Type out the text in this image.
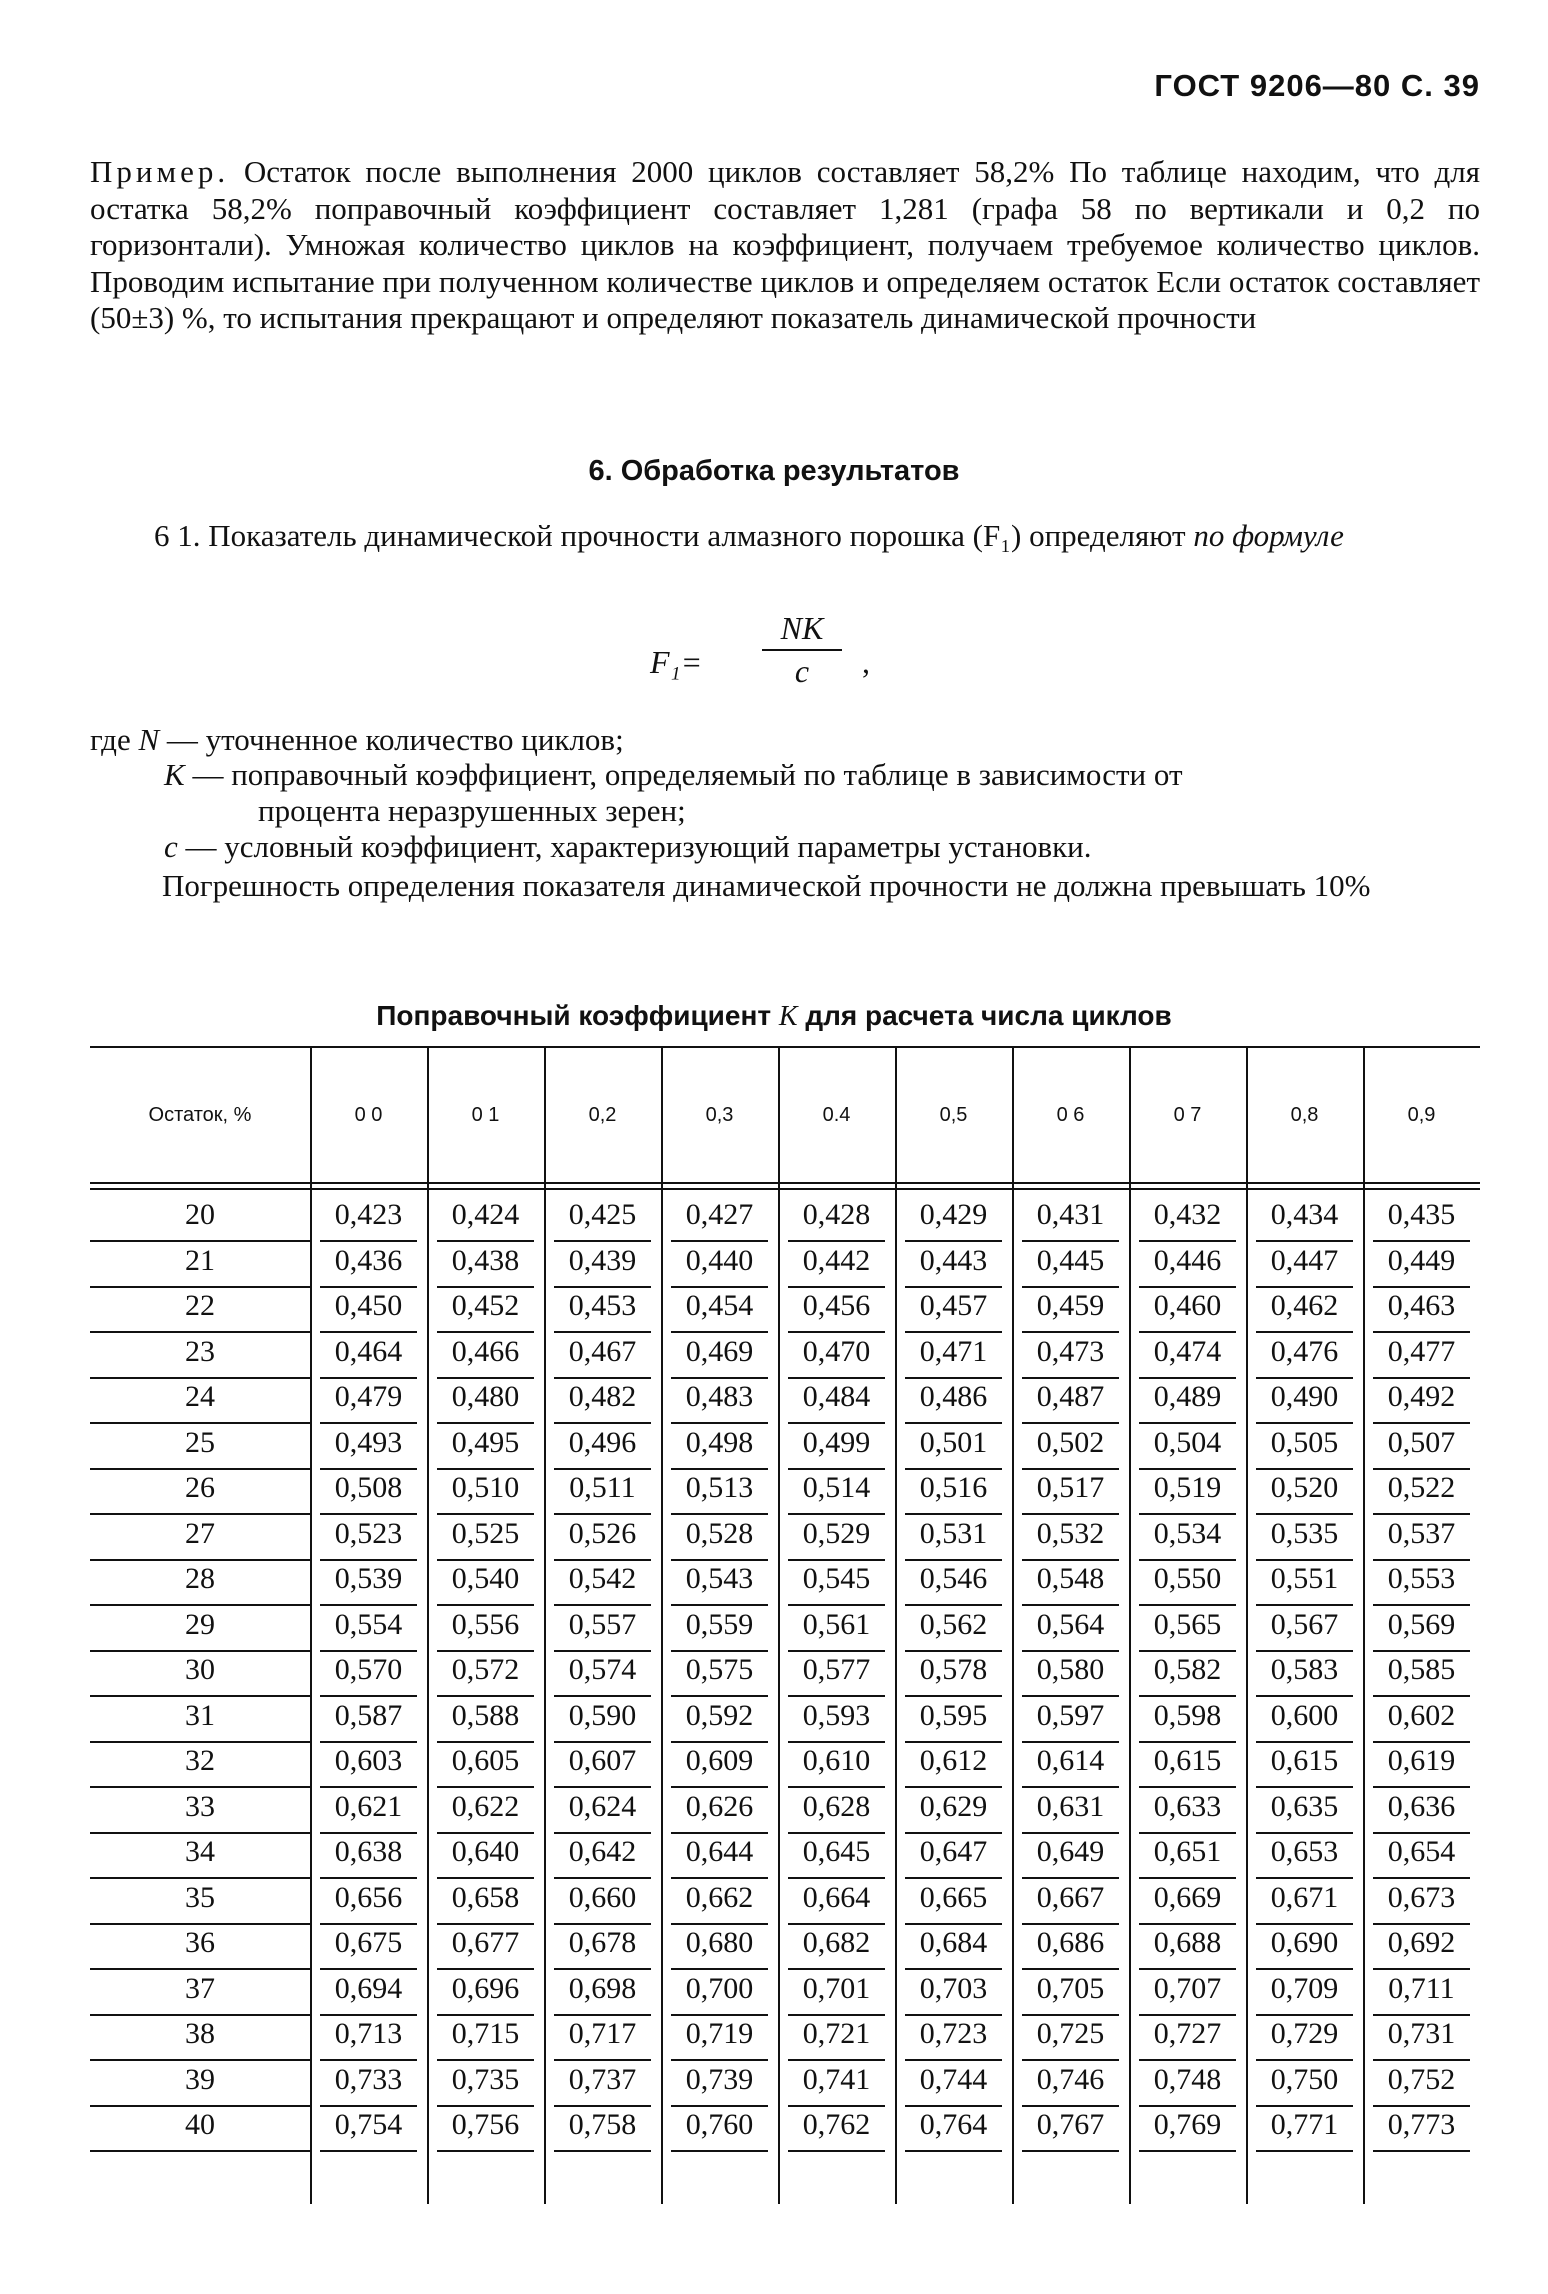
ГОСТ 9206—80 С. 39
Пример. Остаток после выполнения 2000 циклов составляет 58,2% По таблице находим, что для остатка 58,2% поправочный коэффициент составляет 1,281 (графа 58 по вертикали и 0,2 по горизонтали). Умножая количество циклов на коэффициент, получаем требуемое количество циклов. Проводим испытание при полученном количестве циклов и определяем остаток Если остаток составляет (50±3) %, то испытания прекращают и определяют показатель динамической прочности
6. Обработка результатов
6 1. Показатель динамической прочности алмазного порошка (F₁) определяют по формуле
$F_1= \frac{NK}{c}$ ,
где N — уточненное количество циклов;
K — поправочный коэффициент, определяемый по таблице в зависимости от
процента неразрушенных зерен;
c — условный коэффициент, характеризующий параметры установки.
Погрешность определения показателя динамической прочности не должна превышать 10%
Поправочный коэффициент K для расчета числа циклов
Остаток, %	0 0	0 1	0,2	0,3	0.4	0,5	0 6	0 7	0,8	0,9
20	0,423	0,424	0,425	0,427	0,428	0,429	0,431	0,432	0,434	0,435
21	0,436	0,438	0,439	0,440	0,442	0,443	0,445	0,446	0,447	0,449
22	0,450	0,452	0,453	0,454	0,456	0,457	0,459	0,460	0,462	0,463
23	0,464	0,466	0,467	0,469	0,470	0,471	0,473	0,474	0,476	0,477
24	0,479	0,480	0,482	0,483	0,484	0,486	0,487	0,489	0,490	0,492
25	0,493	0,495	0,496	0,498	0,499	0,501	0,502	0,504	0,505	0,507
26	0,508	0,510	0,511	0,513	0,514	0,516	0,517	0,519	0,520	0,522
27	0,523	0,525	0,526	0,528	0,529	0,531	0,532	0,534	0,535	0,537
28	0,539	0,540	0,542	0,543	0,545	0,546	0,548	0,550	0,551	0,553
29	0,554	0,556	0,557	0,559	0,561	0,562	0,564	0,565	0,567	0,569
30	0,570	0,572	0,574	0,575	0,577	0,578	0,580	0,582	0,583	0,585
31	0,587	0,588	0,590	0,592	0,593	0,595	0,597	0,598	0,600	0,602
32	0,603	0,605	0,607	0,609	0,610	0,612	0,614	0,615	0,615	0,619
33	0,621	0,622	0,624	0,626	0,628	0,629	0,631	0,633	0,635	0,636
34	0,638	0,640	0,642	0,644	0,645	0,647	0,649	0,651	0,653	0,654
35	0,656	0,658	0,660	0,662	0,664	0,665	0,667	0,669	0,671	0,673
36	0,675	0,677	0,678	0,680	0,682	0,684	0,686	0,688	0,690	0,692
37	0,694	0,696	0,698	0,700	0,701	0,703	0,705	0,707	0,709	0,711
38	0,713	0,715	0,717	0,719	0,721	0,723	0,725	0,727	0,729	0,731
39	0,733	0,735	0,737	0,739	0,741	0,744	0,746	0,748	0,750	0,752
40	0,754	0,756	0,758	0,760	0,762	0,764	0,767	0,769	0,771	0,773
